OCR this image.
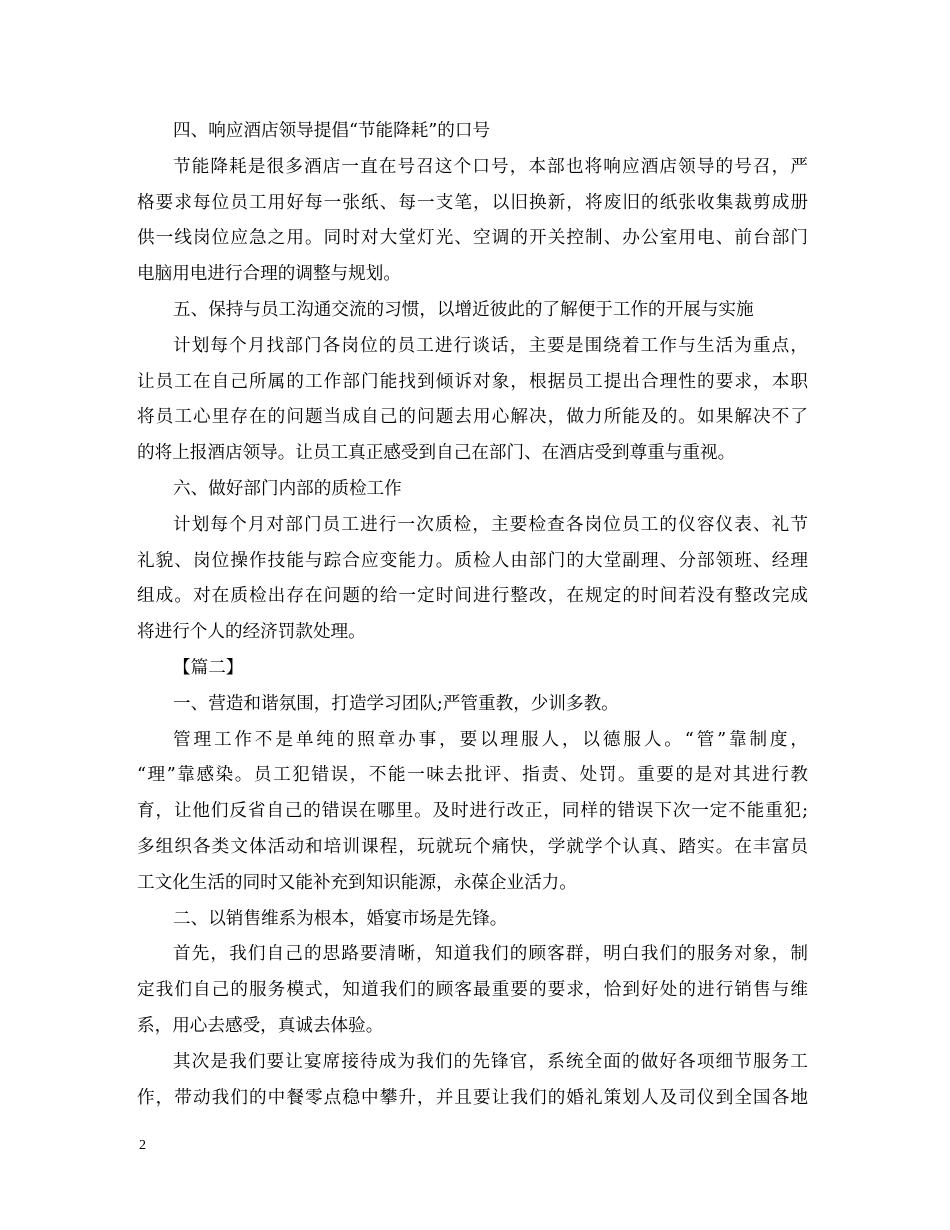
四、响应酒店领导提倡“节能降耗”的口号
节能降耗是很多酒店一直在号召这个口号，本部也将响应酒店领导的号召，严
格要求每位员工用好每一张纸、每一支笔，以旧换新，将废旧的纸张收集裁剪成册
供一线岗位应急之用。同时对大堂灯光、空调的开关控制、办公室用电、前台部门
电脑用电进行合理的调整与规划。
五、保持与员工沟通交流的习惯，以增近彼此的了解便于工作的开展与实施
计划每个月找部门各岗位的员工进行谈话，主要是围绕着工作与生活为重点，
让员工在自己所属的工作部门能找到倾诉对象，根据员工提出合理性的要求，本职
将员工心里存在的问题当成自己的问题去用心解决，做力所能及的。如果解决不了
的将上报酒店领导。让员工真正感受到自己在部门、在酒店受到尊重与重视。
六、做好部门内部的质检工作
计划每个月对部门员工进行一次质检，主要检查各岗位员工的仪容仪表、礼节
礼貌、岗位操作技能与踪合应变能力。质检人由部门的大堂副理、分部领班、经理
组成。对在质检出存在问题的给一定时间进行整改，在规定的时间若没有整改完成
将进行个人的经济罚款处理。
【篇二】
一、营造和谐氛围，打造学习团队;严管重教，少训多教。
管理工作不是单纯的照章办事，要以理服人，以德服人。“管”靠制度，
“理”靠感染。员工犯错误，不能一味去批评、指责、处罚。重要的是对其进行教
育，让他们反省自己的错误在哪里。及时进行改正，同样的错误下次一定不能重犯;
多组织各类文体活动和培训课程，玩就玩个痛快，学就学个认真、踏实。在丰富员
工文化生活的同时又能补充到知识能源，永葆企业活力。
二、以销售维系为根本，婚宴市场是先锋。
首先，我们自己的思路要清晰，知道我们的顾客群，明白我们的服务对象，制
定我们自己的服务模式，知道我们的顾客最重要的要求，恰到好处的进行销售与维
系，用心去感受，真诚去体验。
其次是我们要让宴席接待成为我们的先锋官，系统全面的做好各项细节服务工
作，带动我们的中餐零点稳中攀升，并且要让我们的婚礼策划人及司仪到全国各地
2
